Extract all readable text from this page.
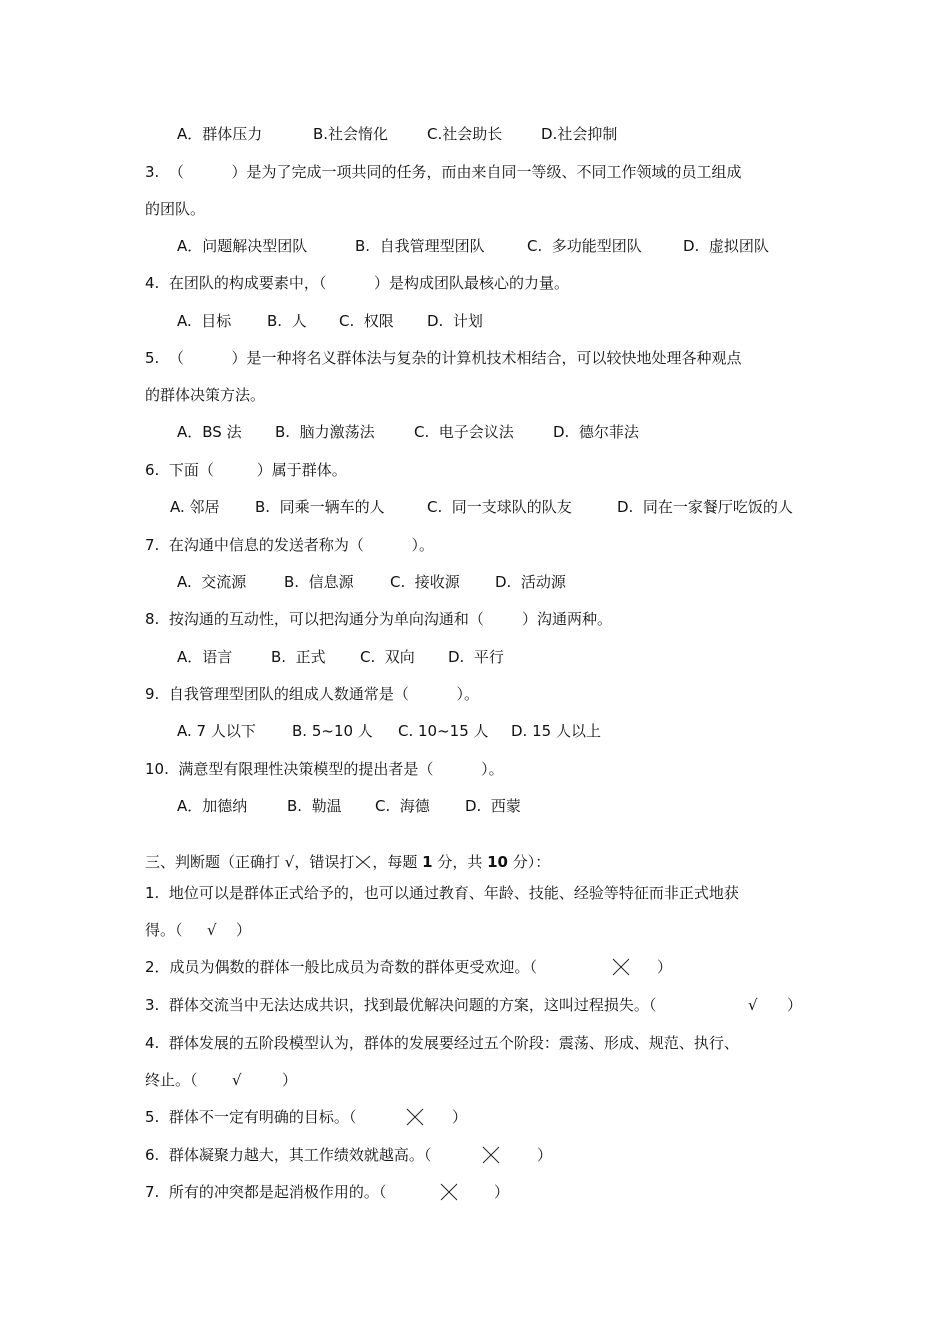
A．群体压力	B.社会惰化	C.社会助长	D.社会抑制
3.  （          ）是为了完成一项共同的任务，而由来自同一等级、不同工作领域的员工组成
的团队。
A．问题解决型团队	B.  自我管理型团队	C.  多功能型团队	D.  虚拟团队
4.  在团队的构成要素中，（          ）是构成团队最核心的力量。
A.  目标 B.  人 C.  权限 D.  计划
5.  （          ）是一种将名义群体法与复杂的计算机技术相结合，可以较快地处理各种观点
的群体决策方法。
A．BS 法 B.  脑力激荡法	C.  电子会议法	D.  德尔菲法
6.  下面（         ）属于群体。
A. 邻居 B.  同乘一辆车的人	C.  同一支球队的队友	D.  同在一家餐厅吃饭的人
7.  在沟通中信息的发送者称为（          ）。
A.  交流源	B.  信息源 C.  接收源 D.  活动源
8.  按沟通的互动性，可以把沟通分为单向沟通和（        ）沟通两种。
A．语言	B.  正式 C.  双向 D.  平行
9.  自我管理型团队的组成人数通常是（          ）。
A. 7 人以下 B. 5~10 人 C. 10~15 人 D. 15 人以上
10.  满意型有限理性决策模型的提出者是（          ）。
A．加德纳	B.  勒温 C.  海德 D.  西蒙
三、判断题（正确打 √，错误打 ，每题 1 分，共 10 分）：
1.  地位可以是群体正式给予的，也可以通过教育、年龄、技能、经验等特征而非正式地获
得。（ √ ）
2．成员为偶数的群体一般比成员为奇数的群体更受欢迎。（	）
3.  群体交流当中无法达成共识，找到最优解决问题的方案，这叫过程损失。（	√ ）
4.  群体发展的五阶段模型认为，群体的发展要经过五个阶段：震荡、形成、规范、执行、
终止。（ √	）
5.  群体不一定有明确的目标。（	）
6.  群体凝聚力越大，其工作绩效就越高。（	）
7.  所有的冲突都是起消极作用的。（	）
